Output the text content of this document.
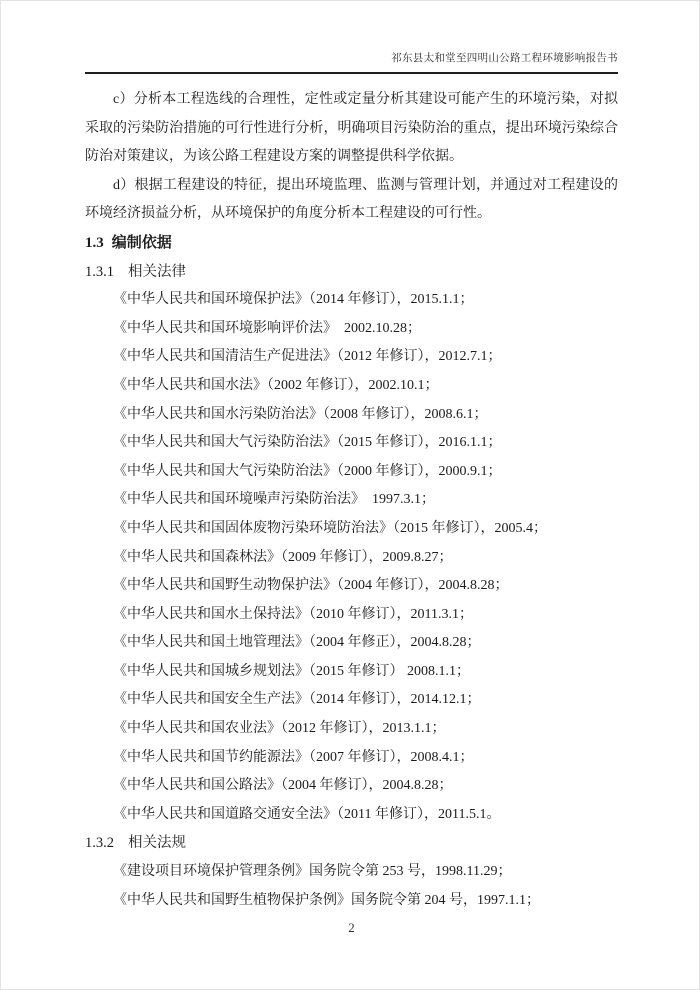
祁东县太和堂至四明山公路工程环境影响报告书

c）分析本工程选线的合理性，定性或定量分析其建设可能产生的环境污染，对拟采取的污染防治措施的可行性进行分析，明确项目污染防治的重点，提出环境污染综合防治对策建议，为该公路工程建设方案的调整提供科学依据。

d）根据工程建设的特征，提出环境监理、监测与管理计划，并通过对工程建设的环境经济损益分析，从环境保护的角度分析本工程建设的可行性。

1.3 编制依据
1.3.1 相关法律
《中华人民共和国环境保护法》（2014 年修订），2015.1.1；
《中华人民共和国环境影响评价法》　2002.10.28；
《中华人民共和国清洁生产促进法》（2012 年修订），2012.7.1；
《中华人民共和国水法》（2002 年修订），2002.10.1；
《中华人民共和国水污染防治法》（2008 年修订），2008.6.1；
《中华人民共和国大气污染防治法》（2015 年修订），2016.1.1；
《中华人民共和国大气污染防治法》（2000 年修订），2000.9.1；
《中华人民共和国环境噪声污染防治法》　1997.3.1；
《中华人民共和国固体废物污染环境防治法》（2015 年修订），2005.4；
《中华人民共和国森林法》（2009 年修订），2009.8.27；
《中华人民共和国野生动物保护法》（2004 年修订），2004.8.28；
《中华人民共和国水土保持法》（2010 年修订），2011.3.1；
《中华人民共和国土地管理法》（2004 年修正），2004.8.28；
《中华人民共和国城乡规划法》（2015 年修订） 2008.1.1；
《中华人民共和国安全生产法》（2014 年修订），2014.12.1；
《中华人民共和国农业法》（2012 年修订），2013.1.1；
《中华人民共和国节约能源法》（2007 年修订），2008.4.1；
《中华人民共和国公路法》（2004 年修订），2004.8.28；
《中华人民共和国道路交通安全法》（2011 年修订），2011.5.1。
1.3.2 相关法规
《建设项目环境保护管理条例》国务院令第 253 号，1998.11.29；
《中华人民共和国野生植物保护条例》国务院令第 204 号，1997.1.1；
2
